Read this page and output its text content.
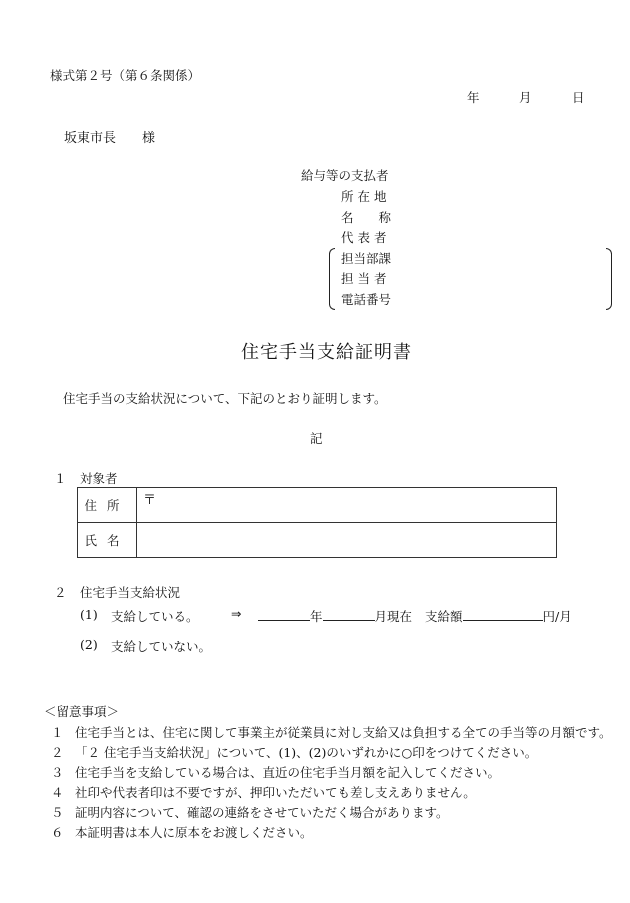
様式第２号（第６条関係）
年	月	日
坂東市長　　様
給与等の支払者
所 在 地
名　　称
代 表 者
担当部課
担 当 者
電話番号
住宅手当支給証明書
住宅手当の支給状況について、下記のとおり証明します。
記
１ 対象者
住所	〒

氏名	
２ 住宅手当支給状況
(1) 支給している。	⇒	年	月現在 支給額	円/月
(2) 支給していない。
＜留意事項＞
１ 住宅手当とは、住宅に関して事業主が従業員に対し支給又は負担する全ての手当等の月額です。
２ 「２ 住宅手当支給状況」について、(1)、(2)のいずれかに○印をつけてください。
３ 住宅手当を支給している場合は、直近の住宅手当月額を記入してください。
４ 社印や代表者印は不要ですが、押印いただいても差し支えありません。
５ 証明内容について、確認の連絡をさせていただく場合があります。
６ 本証明書は本人に原本をお渡しください。
